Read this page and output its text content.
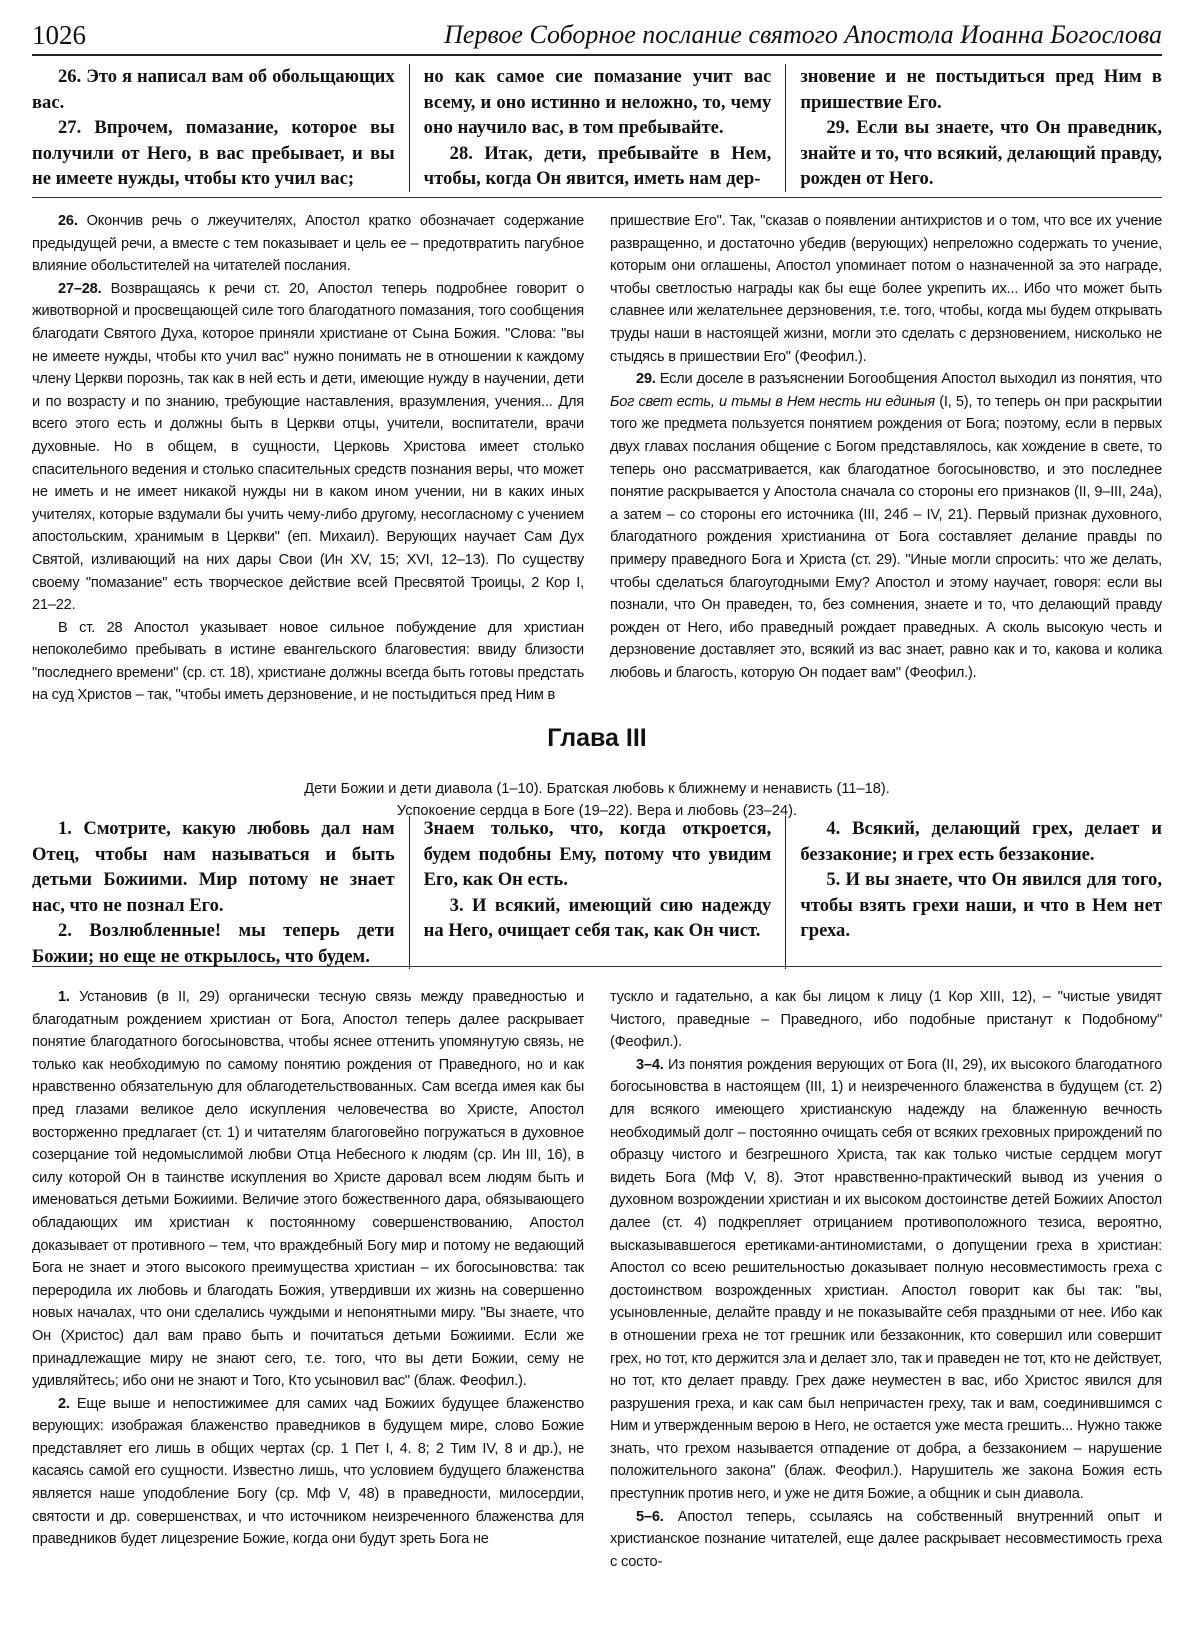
1026	Первое Соборное послание святого Апостола Иоанна Богослова

26. Это я написал вам об обольщающих вас.

27. Впрочем, помазание, которое вы получили от Него, в вас пребывает, и вы не имеете нужды, чтобы кто учил вас;

но как самое сие помазание учит вас всему, и оно истинно и неложно, то, чему оно научило вас, в том пребывайте.

28. Итак, дети, пребывайте в Нем, чтобы, когда Он явится, иметь нам дер-

зновение и не постыдиться пред Ним в пришествие Его.

29. Если вы знаете, что Он праведник, знайте и то, что всякий, делающий правду, рожден от Него.

26. Окончив речь о лжеучителях, Апостол кратко обозначает содержание предыдущей речи, а вместе с тем показывает и цель ее – предотвратить пагубное влияние обольстителей на читателей послания.

27–28. Возвращаясь к речи ст. 20, Апостол теперь подробнее говорит о животворной и просвещающей силе того благодатного помазания, того сообщения благодати Святого Духа, которое приняли христиане от Сына Божия. "Слова: "вы не имеете нужды, чтобы кто учил вас" нужно понимать не в отношении к каждому члену Церкви порознь, так как в ней есть и дети, имеющие нужду в научении, дети и по возрасту и по знанию, требующие наставления, вразумления, учения... Для всего этого есть и должны быть в Церкви отцы, учители, воспитатели, врачи духовные. Но в общем, в сущности, Церковь Христова имеет столько спасительного ведения и столько спасительных средств познания веры, что может не иметь и не имеет никакой нужды ни в каком ином учении, ни в каких иных учителях, которые вздумали бы учить чему-либо другому, несогласному с учением апостольским, хранимым в Церкви" (еп. Михаил). Верующих научает Сам Дух Святой, изливающий на них дары Свои (Ин XV, 15; XVI, 12–13). По существу своему "помазание" есть творческое действие всей Пресвятой Троицы, 2 Кор I, 21–22.

В ст. 28 Апостол указывает новое сильное побуждение для христиан непоколебимо пребывать в истине евангельского благовестия: ввиду близости "последнего времени" (ср. ст. 18), христиане должны всегда быть готовы предстать на суд Христов – так, "чтобы иметь дерзновение, и не постыдиться пред Ним в

пришествие Его". Так, "сказав о появлении антихристов и о том, что все их учение развращенно, и достаточно убедив (верующих) непреложно содержать то учение, которым они оглашены, Апостол упоминает потом о назначенной за это награде, чтобы светлостью награды как бы еще более укрепить их... Ибо что может быть славнее или желательнее дерзновения, т.е. того, чтобы, когда мы будем открывать труды наши в настоящей жизни, могли это сделать с дерзновением, нисколько не стыдясь в пришествии Его" (Феофил.).

29. Если доселе в разъяснении Богообщения Апостол выходил из понятия, что Бог свет есть, и тьмы в Нем несть ни единыя (I, 5), то теперь он при раскрытии того же предмета пользуется понятием рождения от Бога; поэтому, если в первых двух главах послания общение с Богом представлялось, как хождение в свете, то теперь оно рассматривается, как благодатное богосыновство, и это последнее понятие раскрывается у Апостола сначала со стороны его признаков (II, 9–III, 24а), а затем – со стороны его источника (III, 24б – IV, 21). Первый признак духовного, благодатного рождения христианина от Бога составляет делание правды по примеру праведного Бога и Христа (ст. 29). "Иные могли спросить: что же делать, чтобы сделаться благоугодными Ему? Апостол и этому научает, говоря: если вы познали, что Он праведен, то, без сомнения, знаете и то, что делающий правду рожден от Него, ибо праведный рождает праведных. А сколь высокую честь и дерзновение доставляет это, всякий из вас знает, равно как и то, какова и колика любовь и благость, которую Он подает вам" (Феофил.).

Глава III
Дети Божии и дети диавола (1–10). Братская любовь к ближнему и ненависть (11–18).
Успокоение сердца в Боге (19–22). Вера и любовь (23–24).

1. Смотрите, какую любовь дал нам Отец, чтобы нам называться и быть детьми Божиими. Мир потому не знает нас, что не познал Его.

2. Возлюбленные! мы теперь дети Божии; но еще не открылось, что будем.

Знаем только, что, когда откроется, будем подобны Ему, потому что увидим Его, как Он есть.

3. И всякий, имеющий сию надежду на Него, очищает себя так, как Он чист.

4. Всякий, делающий грех, делает и беззаконие; и грех есть беззаконие.

5. И вы знаете, что Он явился для того, чтобы взять грехи наши, и что в Нем нет греха.

1. Установив (в II, 29) органически тесную связь между праведностью и благодатным рождением христиан от Бога, Апостол теперь далее раскрывает понятие благодатного богосыновства, чтобы яснее оттенить упомянутую связь, не только как необходимую по самому понятию рождения от Праведного, но и как нравственно обязательную для облагодетельствованных. Сам всегда имея как бы пред глазами великое дело искупления человечества во Христе, Апостол восторженно предлагает (ст. 1) и читателям благоговейно погружаться в духовное созерцание той недомыслимой любви Отца Небесного к людям (ср. Ин III, 16), в силу которой Он в таинстве искупления во Христе даровал всем людям быть и именоваться детьми Божиими. Величие этого божественного дара, обязывающего обладающих им христиан к постоянному совершенствованию, Апостол доказывает от противного – тем, что враждебный Богу мир и потому не ведающий Бога не знает и этого высокого преимущества христиан – их богосыновства: так переродила их любовь и благодать Божия, утвердивши их жизнь на совершенно новых началах, что они сделались чуждыми и непонятными миру. "Вы знаете, что Он (Христос) дал вам право быть и почитаться детьми Божиими. Если же принадлежащие миру не знают сего, т.е. того, что вы дети Божии, сему не удивляйтесь; ибо они не знают и Того, Кто усыновил вас" (блаж. Феофил.).

2. Еще выше и непостижимее для самих чад Божиих будущее блаженство верующих: изображая блаженство праведников в будущем мире, слово Божие представляет его лишь в общих чертах (ср. 1 Пет I, 4. 8; 2 Тим IV, 8 и др.), не касаясь самой его сущности. Известно лишь, что условием будущего блаженства является наше уподобление Богу (ср. Мф V, 48) в праведности, милосердии, святости и др. совершенствах, и что источником неизреченного блаженства для праведников будет лицезрение Божие, когда они будут зреть Бога не

тускло и гадательно, а как бы лицом к лицу (1 Кор XIII, 12), – "чистые увидят Чистого, праведные – Праведного, ибо подобные пристанут к Подобному" (Феофил.).

3–4. Из понятия рождения верующих от Бога (II, 29), их высокого благодатного богосыновства в настоящем (III, 1) и неизреченного блаженства в будущем (ст. 2) для всякого имеющего христианскую надежду на блаженную вечность необходимый долг – постоянно очищать себя от всяких греховных прирождений по образцу чистого и безгрешного Христа, так как только чистые сердцем могут видеть Бога (Мф V, 8). Этот нравственно-практический вывод из учения о духовном возрождении христиан и их высоком достоинстве детей Божиих Апостол далее (ст. 4) подкрепляет отрицанием противоположного тезиса, вероятно, высказывавшегося еретиками-антиномистами, о допущении греха в христиан: Апостол со всею решительностью доказывает полную несовместимость греха с достоинством возрожденных христиан. Апостол говорит как бы так: "вы, усыновленные, делайте правду и не показывайте себя праздными от нее. Ибо как в отношении греха не тот грешник или беззаконник, кто совершил или совершит грех, но тот, кто держится зла и делает зло, так и праведен не тот, кто не действует, но тот, кто делает правду. Грех даже неуместен в вас, ибо Христос явился для разрушения греха, и как сам был непричастен греху, так и вам, соединившимся с Ним и утвержденным верою в Него, не остается уже места грешить... Нужно также знать, что грехом называется отпадение от добра, а беззаконием – нарушение положительного закона" (блаж. Феофил.). Нарушитель же закона Божия есть преступник против него, и уже не дитя Божие, а общник и сын диавола.

5–6. Апостол теперь, ссылаясь на собственный внутренний опыт и христианское познание читателей, еще далее раскрывает несовместимость греха с состо-
